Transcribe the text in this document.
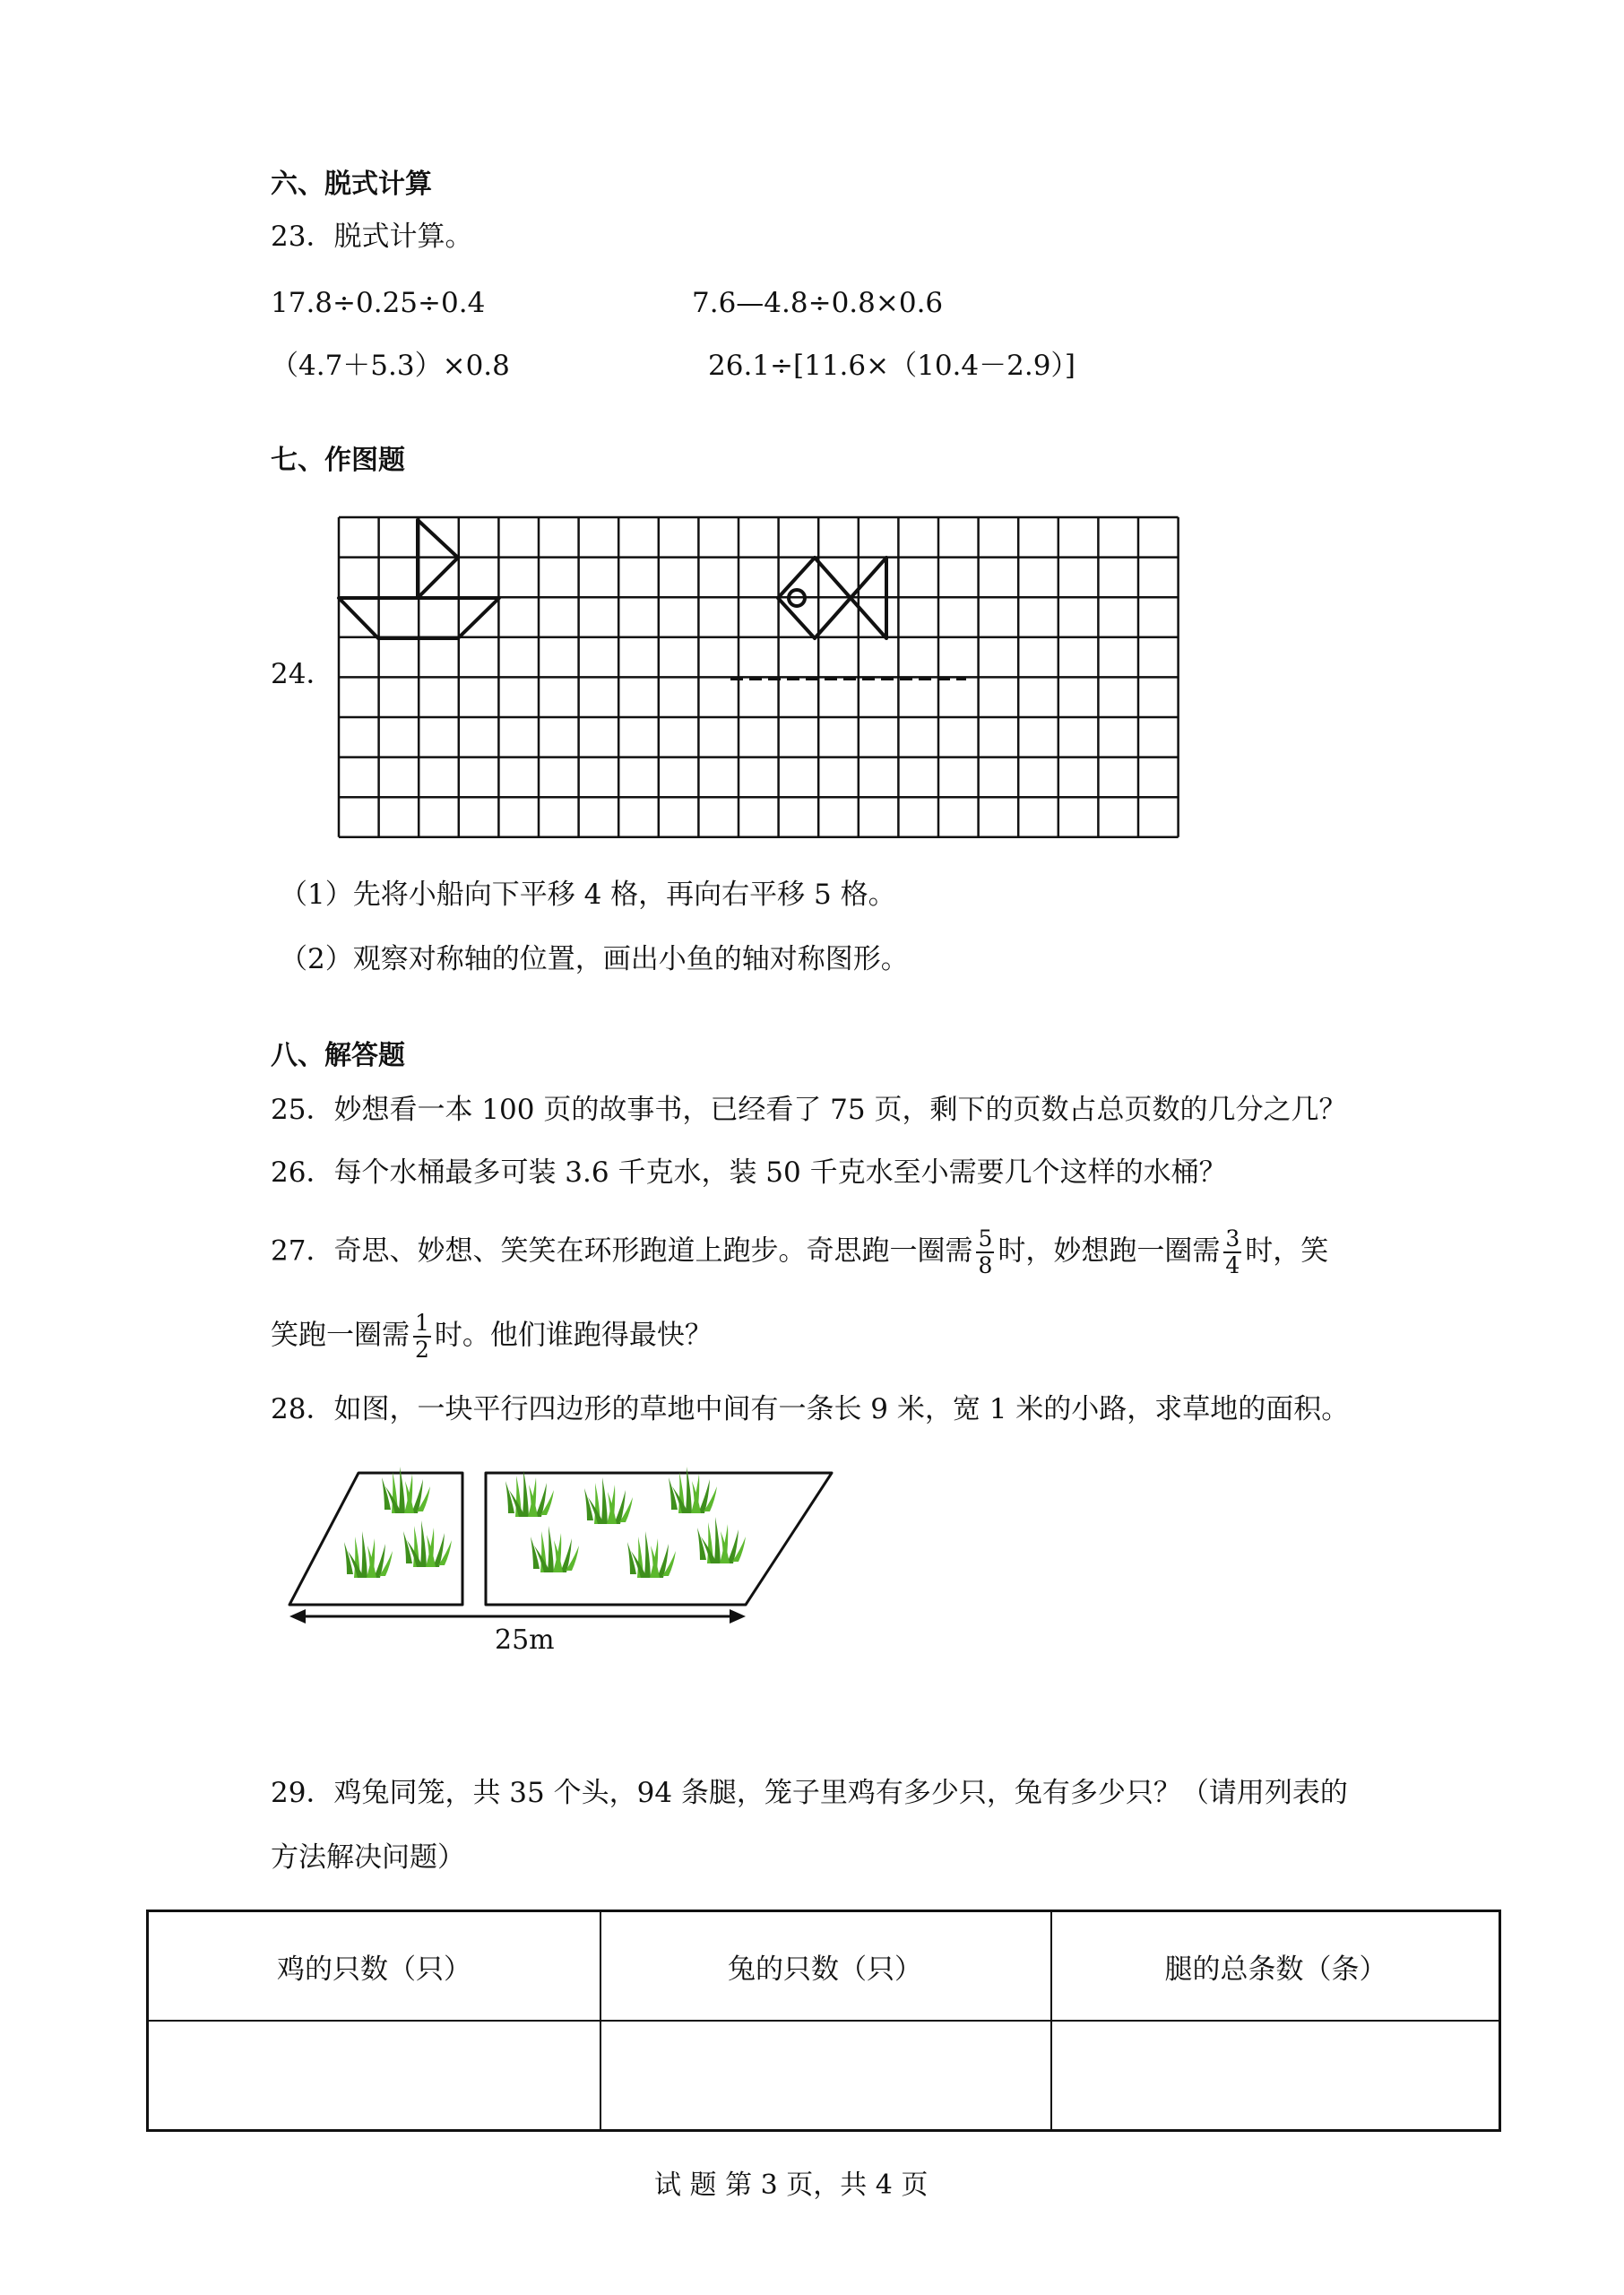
六、脱式计算
23．脱式计算。
17.8÷0.25÷0.4	7.6—4.8÷0.8×0.6
（4.7＋5.3）×0.8	26.1÷[11.6×（10.4－2.9）]
七、作图题
24．
25m
（1）先将小船向下平移 4 格，再向右平移 5 格。
（2）观察对称轴的位置，画出小鱼的轴对称图形。
八、解答题
25．妙想看一本 100 页的故事书，已经看了 75 页，剩下的页数占总页数的几分之几？
26．每个水桶最多可装 3.6 千克水，装 50 千克水至小需要几个这样的水桶？
27．奇思、妙想、笑笑在环形跑道上跑步。奇思跑一圈需 $\frac{5}{8}$ 时，妙想跑一圈需 $\frac{3}{4}$ 时，笑
笑跑一圈需 $\frac{1}{2}$ 时。他们谁跑得最快？
28．如图，一块平行四边形的草地中间有一条长 9 米，宽 1 米的小路，求草地的面积。
29．鸡兔同笼，共 35 个头，94 条腿，笼子里鸡有多少只，兔有多少只？（请用列表的
方法解决问题）
鸡的只数（只）	兔的只数（只）	腿的总条数（条）
试 题 第 3 页，共 4 页
